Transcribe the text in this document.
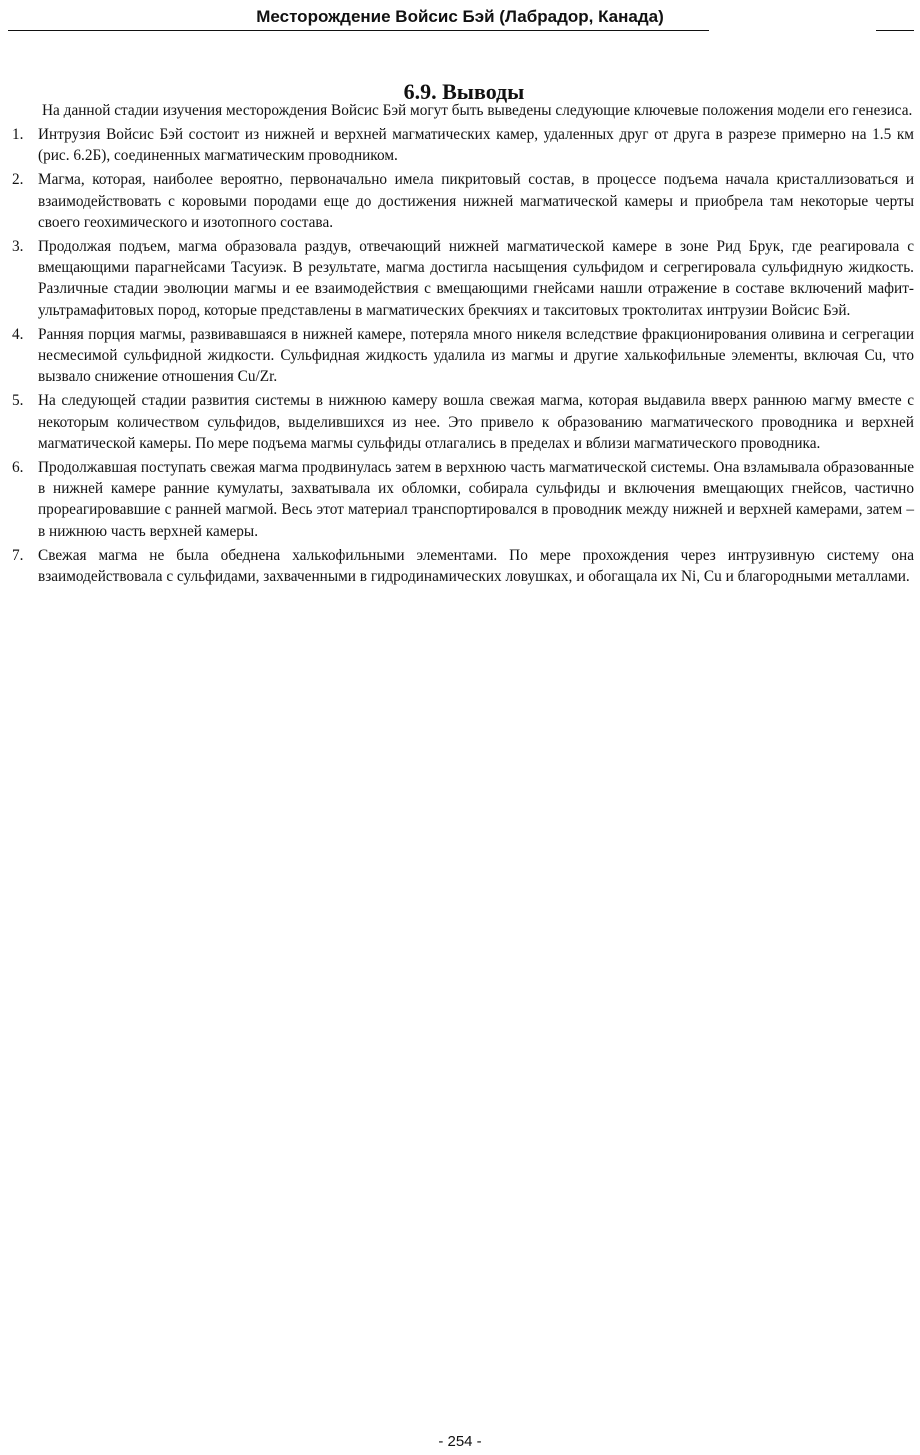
Месторождение Войсис Бэй (Лабрадор, Канада)
6.9. Выводы

На данной стадии изучения месторождения Войсис Бэй могут быть выведены следующие ключевые положения модели его генезиса.

1. Интрузия Войсис Бэй состоит из нижней и верхней магматических камер, удаленных друг от друга в разрезе примерно на 1.5 км (рис. 6.2Б), соединенных магматическим проводником.
2. Магма, которая, наиболее вероятно, первоначально имела пикритовый состав, в процессе подъема начала кристаллизоваться и взаимодействовать с коровыми породами еще до достижения нижней магматической камеры и приобрела там некоторые черты своего геохимического и изотопного состава.
3. Продолжая подъем, магма образовала раздув, отвечающий нижней магматической камере в зоне Рид Брук, где реагировала с вмещающими парагнейсами Тасуиэк. В результате, магма достигла насыщения сульфидом и сегрегировала сульфидную жидкость. Различные стадии эволюции магмы и ее взаимодействия с вмещающими гнейсами нашли отражение в составе включений мафит-ультрамафитовых пород, которые представлены в магматических брекчиях и такситовых троктолитах интрузии Войсис Бэй.
4. Ранняя порция магмы, развивавшаяся в нижней камере, потеряла много никеля вследствие фракционирования оливина и сегрегации несмесимой сульфидной жидкости. Сульфидная жидкость удалила из магмы и другие халькофильные элементы, включая Cu, что вызвало снижение отношения Cu/Zr.
5. На следующей стадии развития системы в нижнюю камеру вошла свежая магма, которая выдавила вверх раннюю магму вместе с некоторым количеством сульфидов, выделившихся из нее. Это привело к образованию магматического проводника и верхней магматической камеры. По мере подъема магмы сульфиды отлагались в пределах и вблизи магматического проводника.
6. Продолжавшая поступать свежая магма продвинулась затем в верхнюю часть магматической системы. Она взламывала образованные в нижней камере ранние кумулаты, захватывала их обломки, собирала сульфиды и включения вмещающих гнейсов, частично прореагировавшие с ранней магмой. Весь этот материал транспортировался в проводник между нижней и верхней камерами, затем – в нижнюю часть верхней камеры.
7. Свежая магма не была обеднена халькофильными элементами. По мере прохождения через интрузивную систему она взаимодействовала с сульфидами, захваченными в гидродинамических ловушках, и обогащала их Ni, Cu и благородными металлами.
- 254 -
